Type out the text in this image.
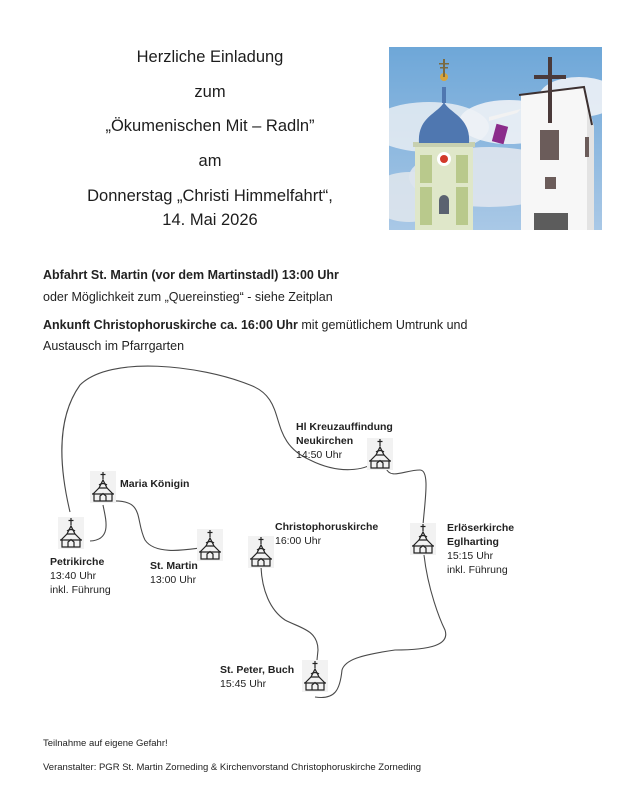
Herzliche Einladung
zum
„Ökumenischen Mit – Radln”
am
Donnerstag „Christi Himmelfahrt“,
14. Mai 2026
Abfahrt St. Martin (vor dem Martinstadl) 13:00 Uhr
oder Möglichkeit zum „Quereinstieg“ - siehe Zeitplan
Ankunft Christophoruskirche ca. 16:00 Uhr mit gemütlichem Umtrunk und
Austausch im Pfarrgarten
Maria Königin
Petrikirche
13:40 Uhr
inkl. Führung
St. Martin
13:00 Uhr
Christophoruskirche
16:00 Uhr
Hl Kreuzauffindung
Neukirchen
14:50 Uhr
Erlöserkirche
Eglharting
15:15 Uhr
inkl. Führung
St. Peter, Buch
15:45 Uhr
Teilnahme auf eigene Gefahr!
Veranstalter: PGR St. Martin Zorneding & Kirchenvorstand Christophoruskirche Zorneding
